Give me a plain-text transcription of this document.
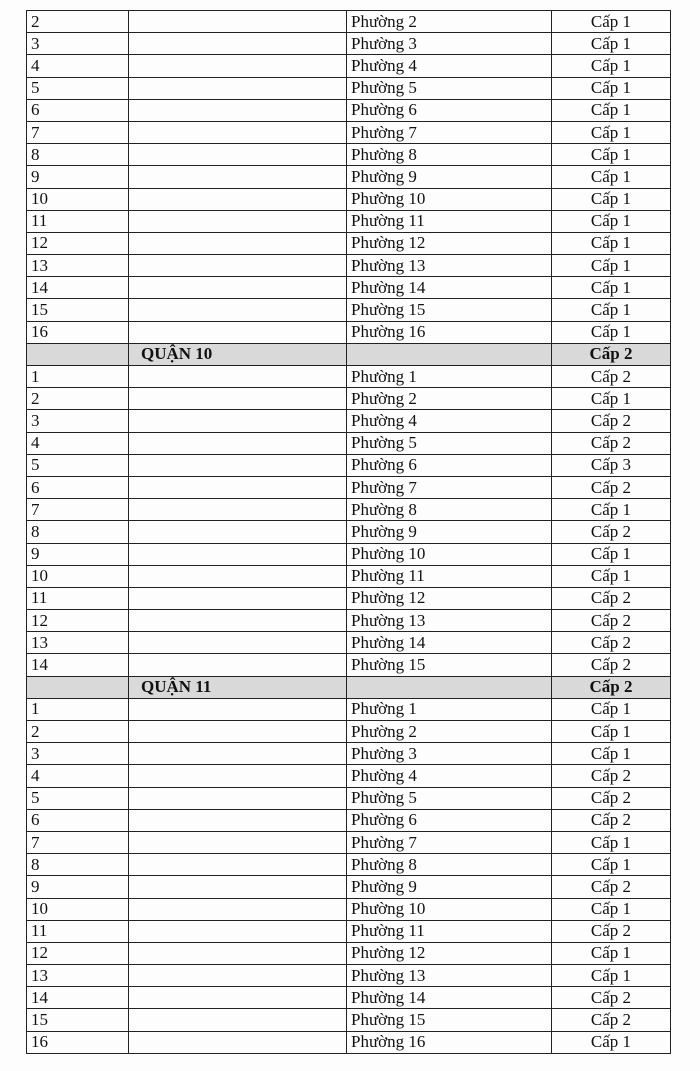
2		Phường 2	Cấp 1
3		Phường 3	Cấp 1
4		Phường 4	Cấp 1
5		Phường 5	Cấp 1
6		Phường 6	Cấp 1
7		Phường 7	Cấp 1
8		Phường 8	Cấp 1
9		Phường 9	Cấp 1
10		Phường 10	Cấp 1
11		Phường 11	Cấp 1
12		Phường 12	Cấp 1
13		Phường 13	Cấp 1
14		Phường 14	Cấp 1
15		Phường 15	Cấp 1
16		Phường 16	Cấp 1
	QUẬN 10		Cấp 2
1		Phường 1	Cấp 2
2		Phường 2	Cấp 1
3		Phường 4	Cấp 2
4		Phường 5	Cấp 2
5		Phường 6	Cấp 3
6		Phường 7	Cấp 2
7		Phường 8	Cấp 1
8		Phường 9	Cấp 2
9		Phường 10	Cấp 1
10		Phường 11	Cấp 1
11		Phường 12	Cấp 2
12		Phường 13	Cấp 2
13		Phường 14	Cấp 2
14		Phường 15	Cấp 2
	QUẬN 11		Cấp 2
1		Phường 1	Cấp 1
2		Phường 2	Cấp 1
3		Phường 3	Cấp 1
4		Phường 4	Cấp 2
5		Phường 5	Cấp 2
6		Phường 6	Cấp 2
7		Phường 7	Cấp 1
8		Phường 8	Cấp 1
9		Phường 9	Cấp 2
10		Phường 10	Cấp 1
11		Phường 11	Cấp 2
12		Phường 12	Cấp 1
13		Phường 13	Cấp 1
14		Phường 14	Cấp 2
15		Phường 15	Cấp 2
16		Phường 16	Cấp 1
